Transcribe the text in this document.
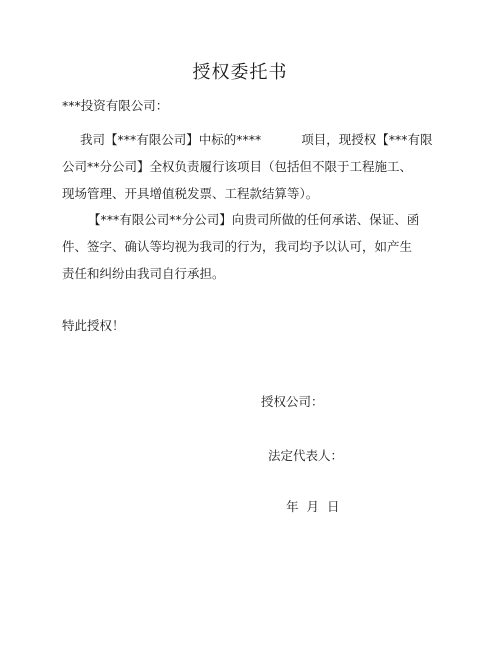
授权委托书
***投资有限公司：
我司【***有限公司】中标的****	项目，现授权【***有限
公司**分公司】全权负责履行该项目（包括但不限于工程施工、
现场管理、开具增值税发票、工程款结算等）。
【***有限公司**分公司】向贵司所做的任何承诺、保证、函
件、签字、确认等均视为我司的行为，我司均予以认可，如产生
责任和纠纷由我司自行承担。
特此授权！
授权公司：
法定代表人：
年 月 日
